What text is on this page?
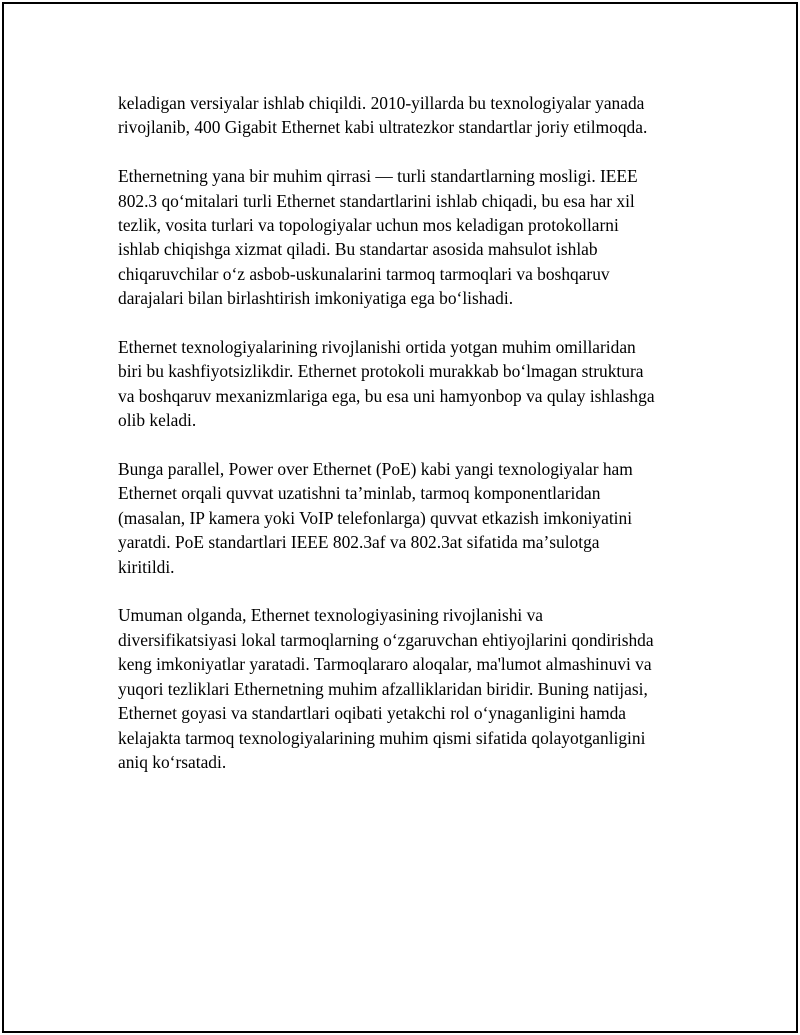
keladigan versiyalar ishlab chiqildi. 2010-yillarda bu texnologiyalar yanada
rivojlanib, 400 Gigabit Ethernet kabi ultratezkor standartlar joriy etilmoqda.

Ethernetning yana bir muhim qirrasi — turli standartlarning mosligi. IEEE
802.3 qoʻmitalari turli Ethernet standartlarini ishlab chiqadi, bu esa har xil
tezlik, vosita turlari va topologiyalar uchun mos keladigan protokollarni
ishlab chiqishga xizmat qiladi. Bu standartar asosida mahsulot ishlab
chiqaruvchilar oʻz asbob-uskunalarini tarmoq tarmoqlari va boshqaruv
darajalari bilan birlashtirish imkoniyatiga ega boʻlishadi.

Ethernet texnologiyalarining rivojlanishi ortida yotgan muhim omillaridan
biri bu kashfiyotsizlikdir. Ethernet protokoli murakkab boʻlmagan struktura
va boshqaruv mexanizmlariga ega, bu esa uni hamyonbop va qulay ishlashga
olib keladi.

Bunga parallel, Power over Ethernet (PoE) kabi yangi texnologiyalar ham
Ethernet orqali quvvat uzatishni taʼminlab, tarmoq komponentlaridan
(masalan, IP kamera yoki VoIP telefonlarga) quvvat etkazish imkoniyatini
yaratdi. PoE standartlari IEEE 802.3af va 802.3at sifatida maʼsulotga
kiritildi.

Umuman olganda, Ethernet texnologiyasining rivojlanishi va
diversifikatsiyasi lokal tarmoqlarning oʻzgaruvchan ehtiyojlarini qondirishda
keng imkoniyatlar yaratadi. Tarmoqlararo aloqalar, ma'lumot almashinuvi va
yuqori tezliklari Ethernetning muhim afzalliklaridan biridir. Buning natijasi,
Ethernet goyasi va standartlari oqibati yetakchi rol oʻynaganligini hamda
kelajakta tarmoq texnologiyalarining muhim qismi sifatida qolayotganligini
aniq koʻrsatadi.
